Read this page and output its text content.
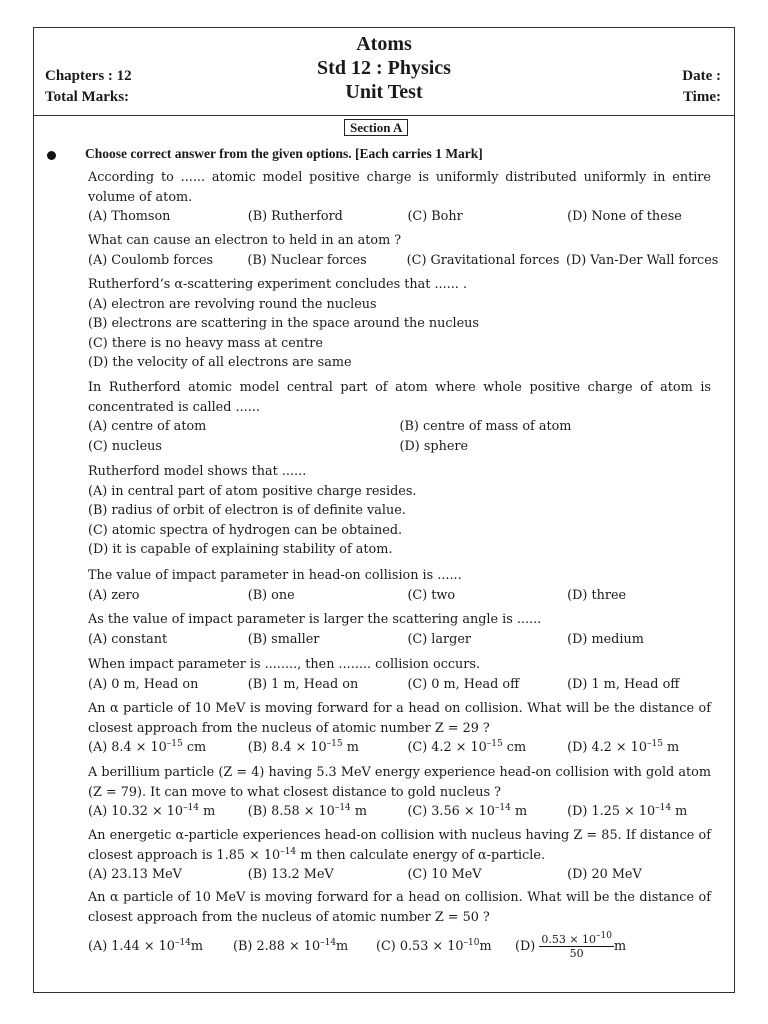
Atoms
Std 12 : Physics
Unit Test
Chapters : 12
Total Marks:
Date :
Time:
Section A
Choose correct answer from the given options. [Each carries 1 Mark]
According to ...... atomic model positive charge is uniformly distributed uniformly in entire volume of atom.
(A) Thomson	(B) Rutherford	(C) Bohr	(D) None of these
What can cause an electron to held in an atom ?
(A) Coulomb forces	(B) Nuclear forces	(C) Gravitational forces (D) Van-Der Wall forces
Rutherford’s α-scattering experiment concludes that ...... .
(A) electron are revolving round the nucleus
(B) electrons are scattering in the space around the nucleus
(C) there is no heavy mass at centre
(D) the velocity of all electrons are same
In Rutherford atomic model central part of atom where whole positive charge of atom is concentrated is called ......
(A) centre of atom	(B) centre of mass of atom
(C) nucleus	(D) sphere
Rutherford model shows that ......
(A) in central part of atom positive charge resides.
(B) radius of orbit of electron is of definite value.
(C) atomic spectra of hydrogen can be obtained.
(D) it is capable of explaining stability of atom.
The value of impact parameter in head-on collision is ......
(A) zero	(B) one	(C) two	(D) three
As the value of impact parameter is larger the scattering angle is ......
(A) constant	(B) smaller	(C) larger	(D) medium
When impact parameter is ........, then ........ collision occurs.
(A) 0 m, Head on	(B) 1 m, Head on	(C) 0 m, Head off	(D) 1 m, Head off
An α particle of 10 MeV is moving forward for a head on collision. What will be the distance of closest approach from the nucleus of atomic number Z = 29 ?
(A) $8.4 \times 10^{-15}$ cm	(B) $8.4 \times 10^{-15}$ m	(C) $4.2 \times 10^{-15}$ cm	(D) $4.2 \times 10^{-15}$ m
A berillium particle (Z = 4) having 5.3 MeV energy experience head-on collision with gold atom (Z = 79). It can move to what closest distance to gold nucleus ?
(A) $10.32 \times 10^{-14}$ m	(B) $8.58 \times 10^{-14}$ m	(C) $3.56 \times 10^{-14}$ m	(D) $1.25 \times 10^{-14}$ m
An energetic α-particle experiences head-on collision with nucleus having Z = 85. If distance of closest approach is $1.85 \times 10^{-14}$ m then calculate energy of α-particle.
(A) 23.13 MeV	(B) 13.2 MeV	(C) 10 MeV	(D) 20 MeV
An α particle of 10 MeV is moving forward for a head on collision. What will be the distance of closest approach from the nucleus of atomic number Z = 50 ?
(A) $1.44 \times 10^{-14}m$	(B) $2.88 \times 10^{-14}m$	(C) $0.53 \times 10^{-10}m$	$(D) \frac{0.53 \times 10^{-10}}{50}$ m
